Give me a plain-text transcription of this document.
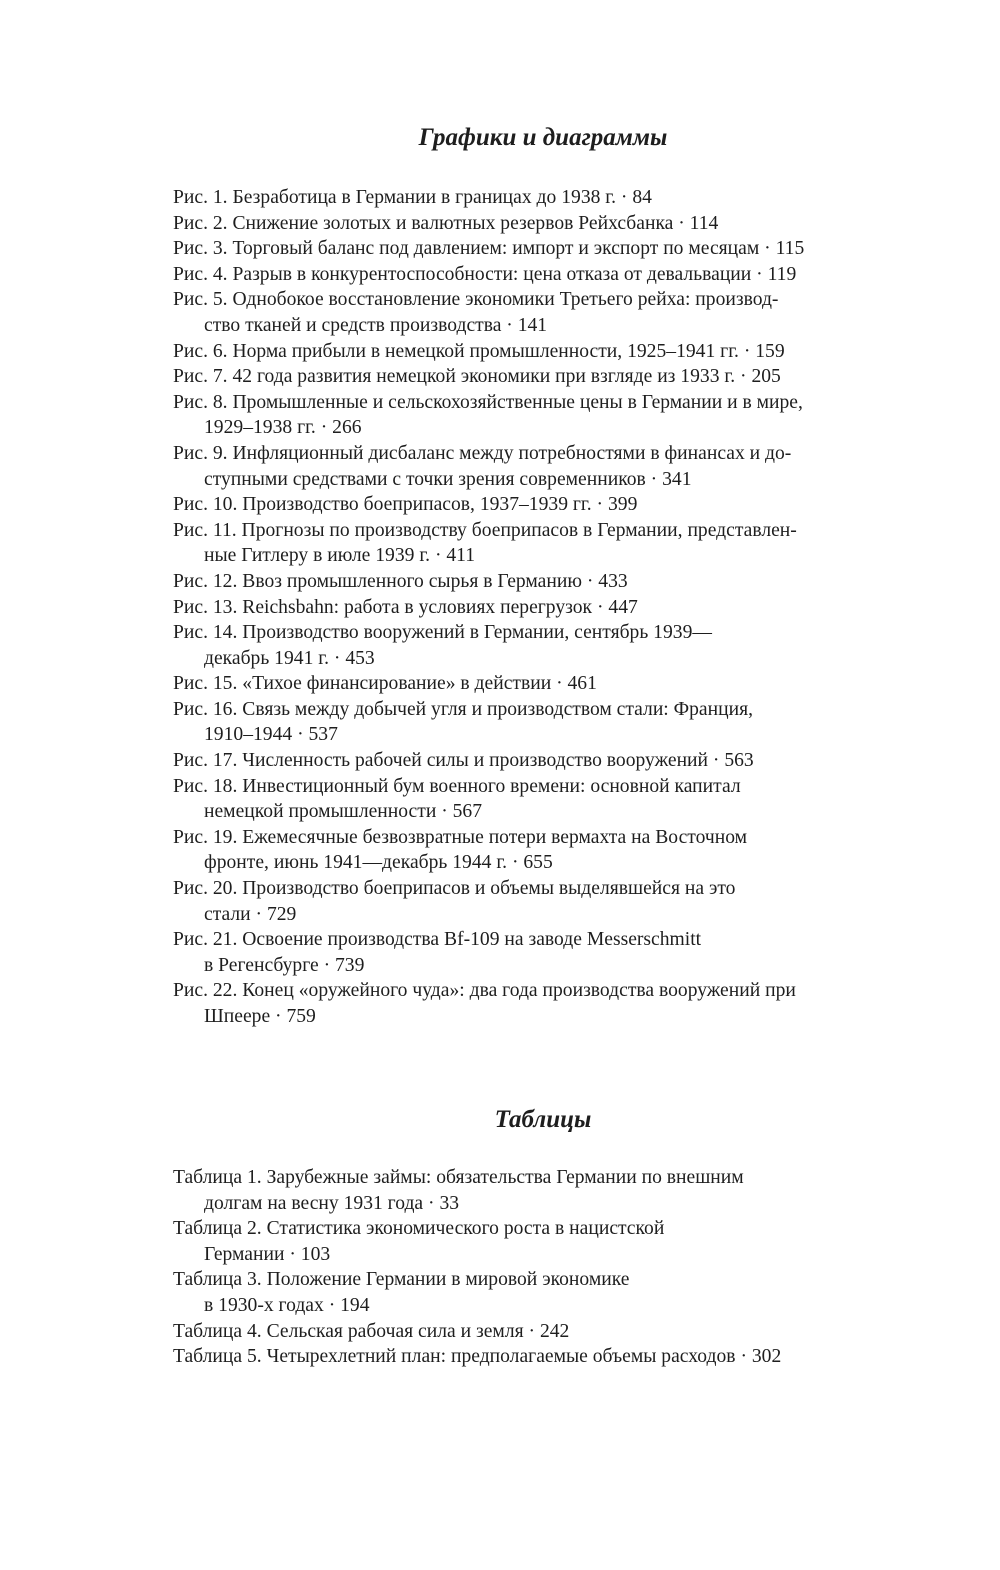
Графики и диаграммы

Рис. 1. Безработица в Германии в границах до 1938 г. · 84

Рис. 2. Снижение золотых и валютных резервов Рейхсбанка · 114

Рис. 3. Торговый баланс под давлением: импорт и экспорт по месяцам · 115

Рис. 4. Разрыв в конкурентоспособности: цена отказа от девальвации · 119

Рис. 5. Однобокое восстановление экономики Третьего рейха: производ-
ство тканей и средств производства · 141

Рис. 6. Норма прибыли в немецкой промышленности, 1925–1941 гг. · 159

Рис. 7. 42 года развития немецкой экономики при взгляде из 1933 г. · 205

Рис. 8. Промышленные и сельскохозяйственные цены в Германии и в мире,
1929–1938 гг. · 266

Рис. 9. Инфляционный дисбаланс между потребностями в финансах и до-
ступными средствами с точки зрения современников · 341

Рис. 10. Производство боеприпасов, 1937–1939 гг. · 399

Рис. 11. Прогнозы по производству боеприпасов в Германии, представлен-
ные Гитлеру в июле 1939 г. · 411

Рис. 12. Ввоз промышленного сырья в Германию · 433

Рис. 13. Reichsbahn: работа в условиях перегрузок · 447

Рис. 14. Производство вооружений в Германии, сентябрь 1939—
декабрь 1941 г. · 453

Рис. 15. «Тихое финансирование» в действии · 461

Рис. 16. Связь между добычей угля и производством стали: Франция,
1910–1944 · 537

Рис. 17. Численность рабочей силы и производство вооружений · 563

Рис. 18. Инвестиционный бум военного времени: основной капитал
немецкой промышленности · 567

Рис. 19. Ежемесячные безвозвратные потери вермахта на Восточном
фронте, июнь 1941—декабрь 1944 г. · 655

Рис. 20. Производство боеприпасов и объемы выделявшейся на это
стали · 729

Рис. 21. Освоение производства Bf-109 на заводе Messerschmitt
в Регенсбурге · 739

Рис. 22. Конец «оружейного чуда»: два года производства вооружений при
Шпеере · 759

Таблицы

Таблица 1. Зарубежные займы: обязательства Германии по внешним
долгам на весну 1931 года · 33

Таблица 2. Статистика экономического роста в нацистской
Германии · 103

Таблица 3. Положение Германии в мировой экономике
в 1930-х годах · 194

Таблица 4. Сельская рабочая сила и земля · 242

Таблица 5. Четырехлетний план: предполагаемые объемы расходов · 302
